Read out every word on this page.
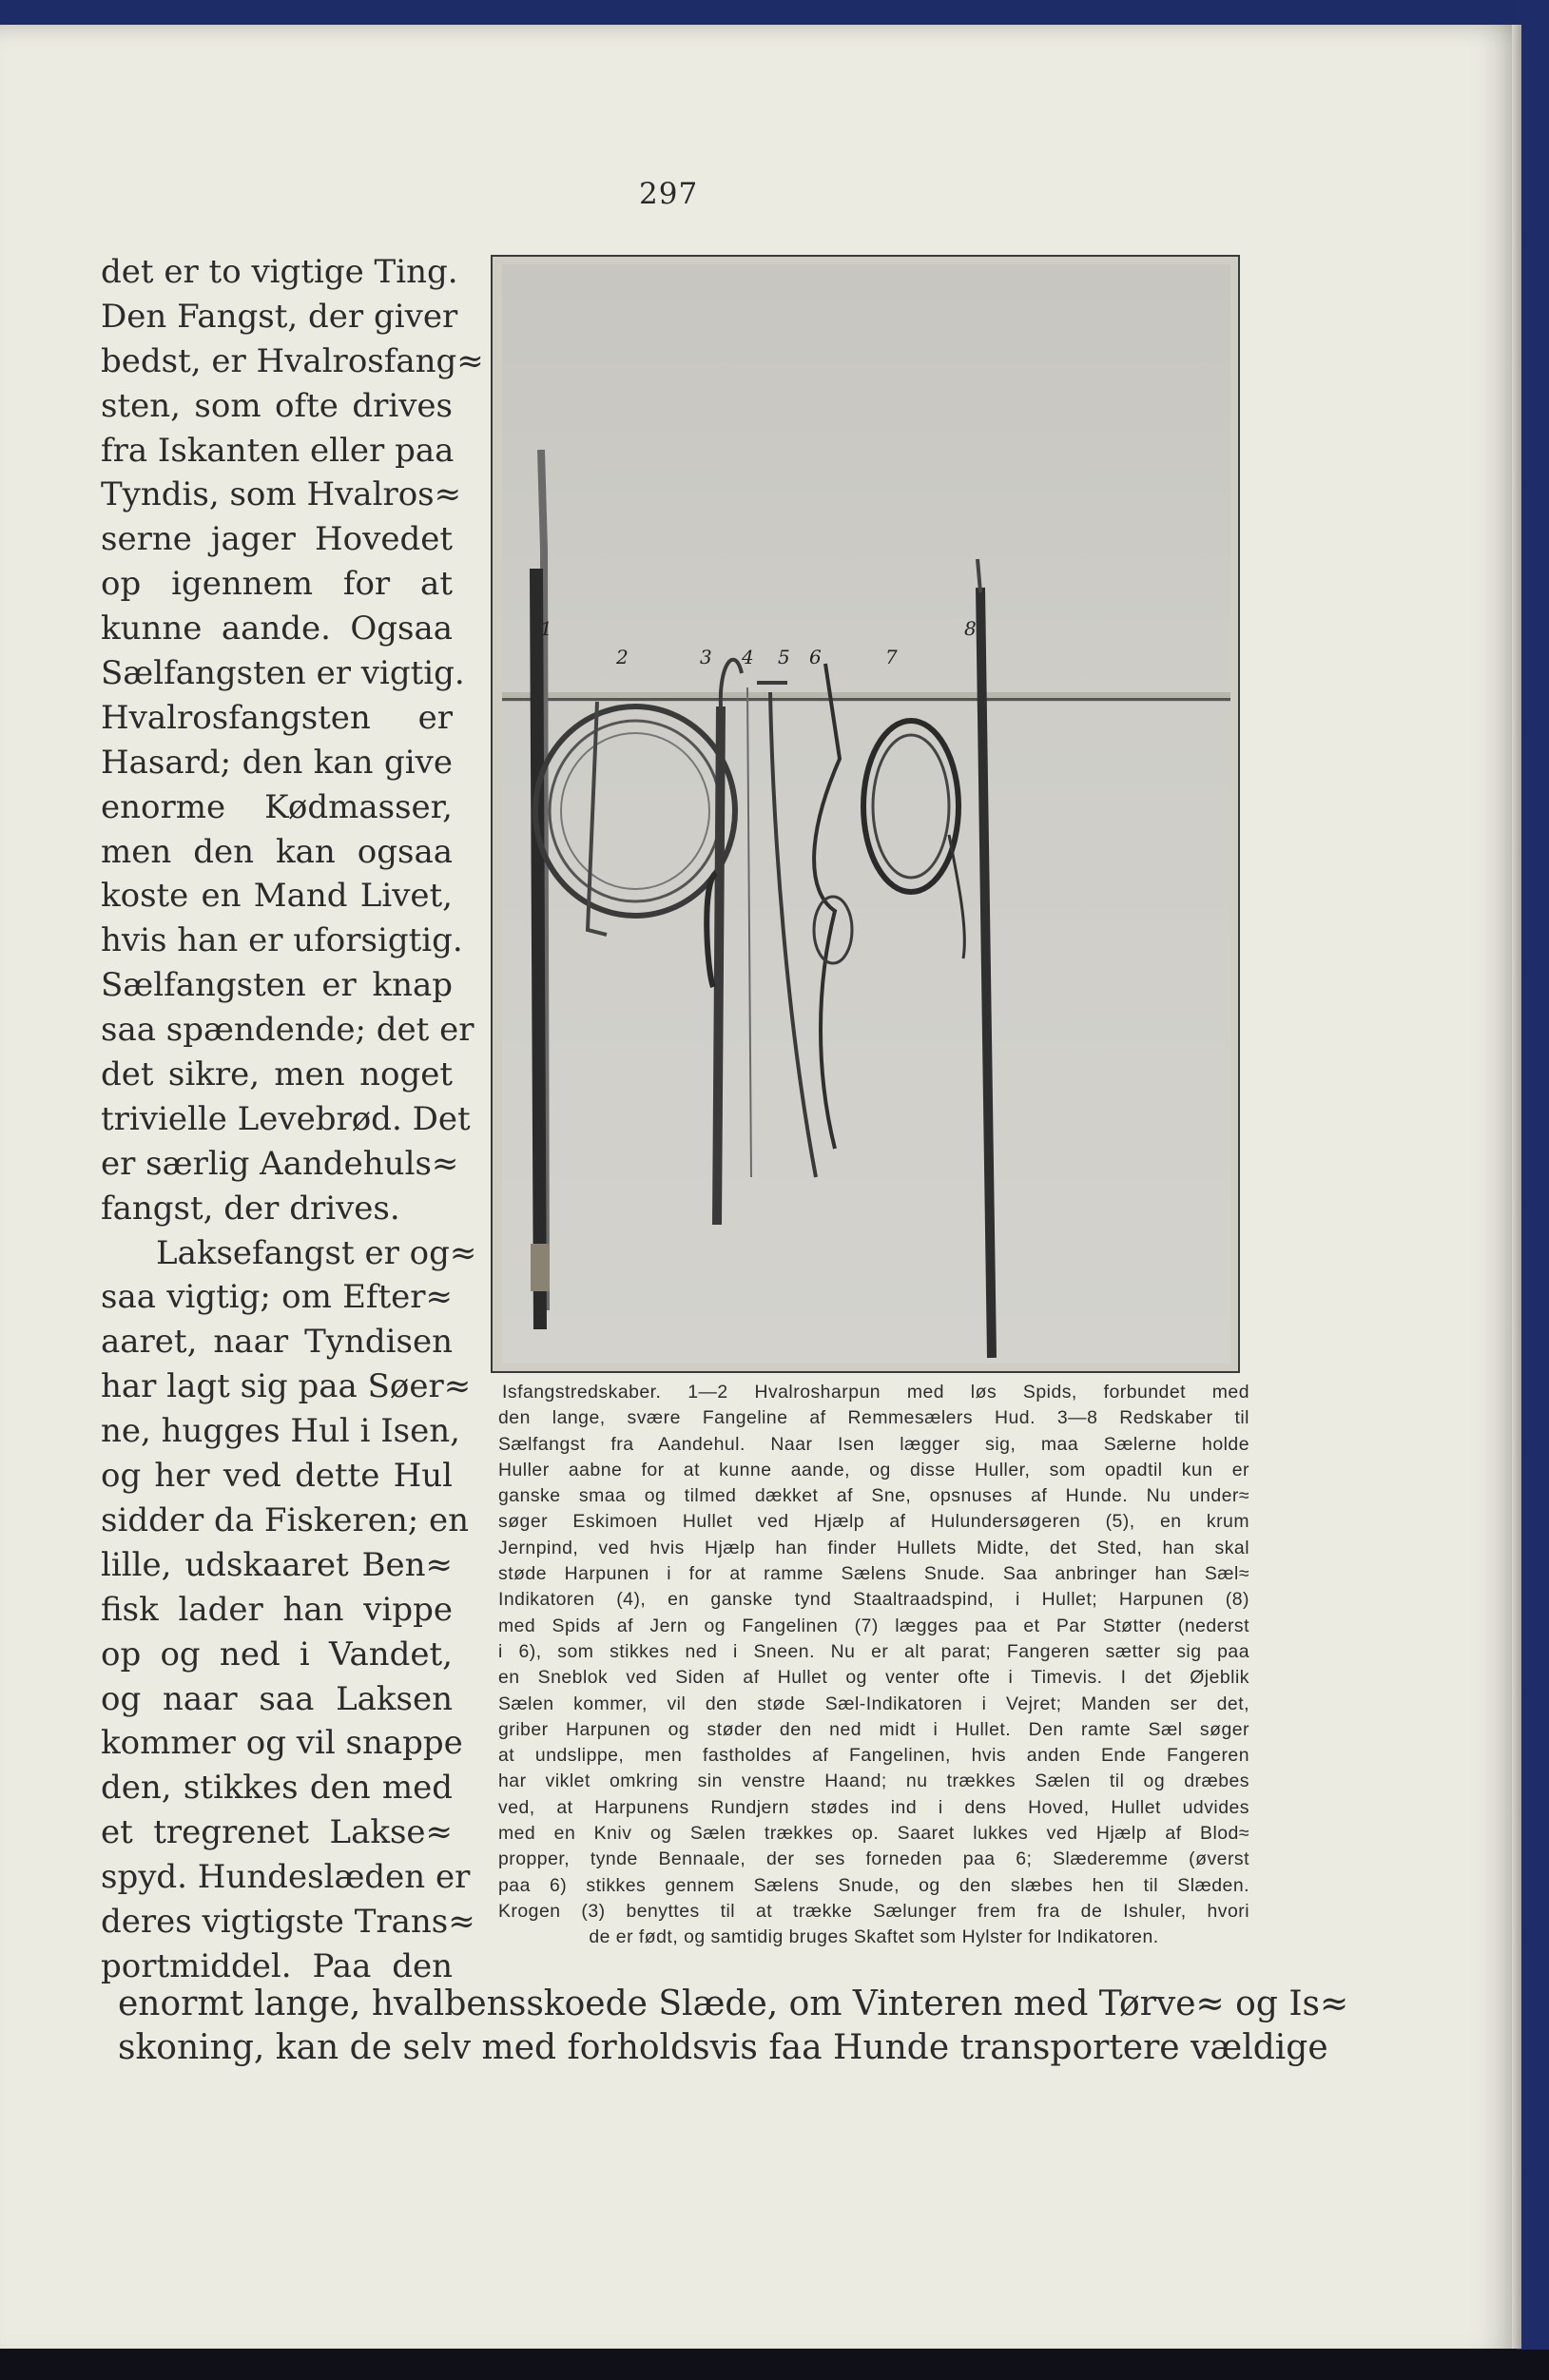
297
det er to vigtige Ting.
Den Fangst, der giver
bedst, er Hvalrosfang≈
sten, som ofte drives
fra Iskanten eller paa
Tyndis, som Hvalros≈
serne jager Hovedet
op igennem for at
kunne aande. Ogsaa
Sælfangsten er vigtig.
Hvalrosfangsten er
Hasard; den kan give
enorme Kødmasser,
men den kan ogsaa
koste en Mand Livet,
hvis han er uforsigtig.
Sælfangsten er knap
saa spændende; det er
det sikre, men noget
trivielle Levebrød. Det
er særlig Aandehuls≈
fangst, der drives.
Laksefangst er og≈
saa vigtig; om Efter≈
aaret, naar Tyndisen
har lagt sig paa Søer≈
ne, hugges Hul i Isen,
og her ved dette Hul
sidder da Fiskeren; en
lille, udskaaret Ben≈
fisk lader han vippe
op og ned i Vandet,
og naar saa Laksen
kommer og vil snappe
den, stikkes den med
et tregrenet Lakse≈
spyd. Hundeslæden er
deres vigtigste Trans≈
portmiddel. Paa den
1
2	3 4 5 6	7
8
Isfangstredskaber. 1—2 Hvalrosharpun med løs Spids, forbundet med
den lange, svære Fangeline af Remmesælers Hud. 3—8 Redskaber til
Sælfangst fra Aandehul. Naar Isen lægger sig, maa Sælerne holde
Huller aabne for at kunne aande, og disse Huller, som opadtil kun er
ganske smaa og tilmed dækket af Sne, opsnuses af Hunde. Nu under≈
søger Eskimoen Hullet ved Hjælp af Hulundersøgeren (5), en krum
Jernpind, ved hvis Hjælp han finder Hullets Midte, det Sted, han skal
støde Harpunen i for at ramme Sælens Snude. Saa anbringer han Sæl≈
Indikatoren (4), en ganske tynd Staaltraadspind, i Hullet; Harpunen (8)
med Spids af Jern og Fangelinen (7) lægges paa et Par Støtter (nederst
i 6), som stikkes ned i Sneen. Nu er alt parat; Fangeren sætter sig paa
en Sneblok ved Siden af Hullet og venter ofte i Timevis. I det Øjeblik
Sælen kommer, vil den støde Sæl-Indikatoren i Vejret; Manden ser det,
griber Harpunen og støder den ned midt i Hullet. Den ramte Sæl søger
at undslippe, men fastholdes af Fangelinen, hvis anden Ende Fangeren
har viklet omkring sin venstre Haand; nu trækkes Sælen til og dræbes
ved, at Harpunens Rundjern stødes ind i dens Hoved, Hullet udvides
med en Kniv og Sælen trækkes op. Saaret lukkes ved Hjælp af Blod≈
propper, tynde Bennaale, der ses forneden paa 6; Slæderemme (øverst
paa 6) stikkes gennem Sælens Snude, og den slæbes hen til Slæden.
Krogen (3) benyttes til at trække Sælunger frem fra de Ishuler, hvori
de er født, og samtidig bruges Skaftet som Hylster for Indikatoren.
enormt lange, hvalbensskoede Slæde, om Vinteren med Tørve≈ og Is≈
skoning, kan de selv med forholdsvis faa Hunde transportere vældige
